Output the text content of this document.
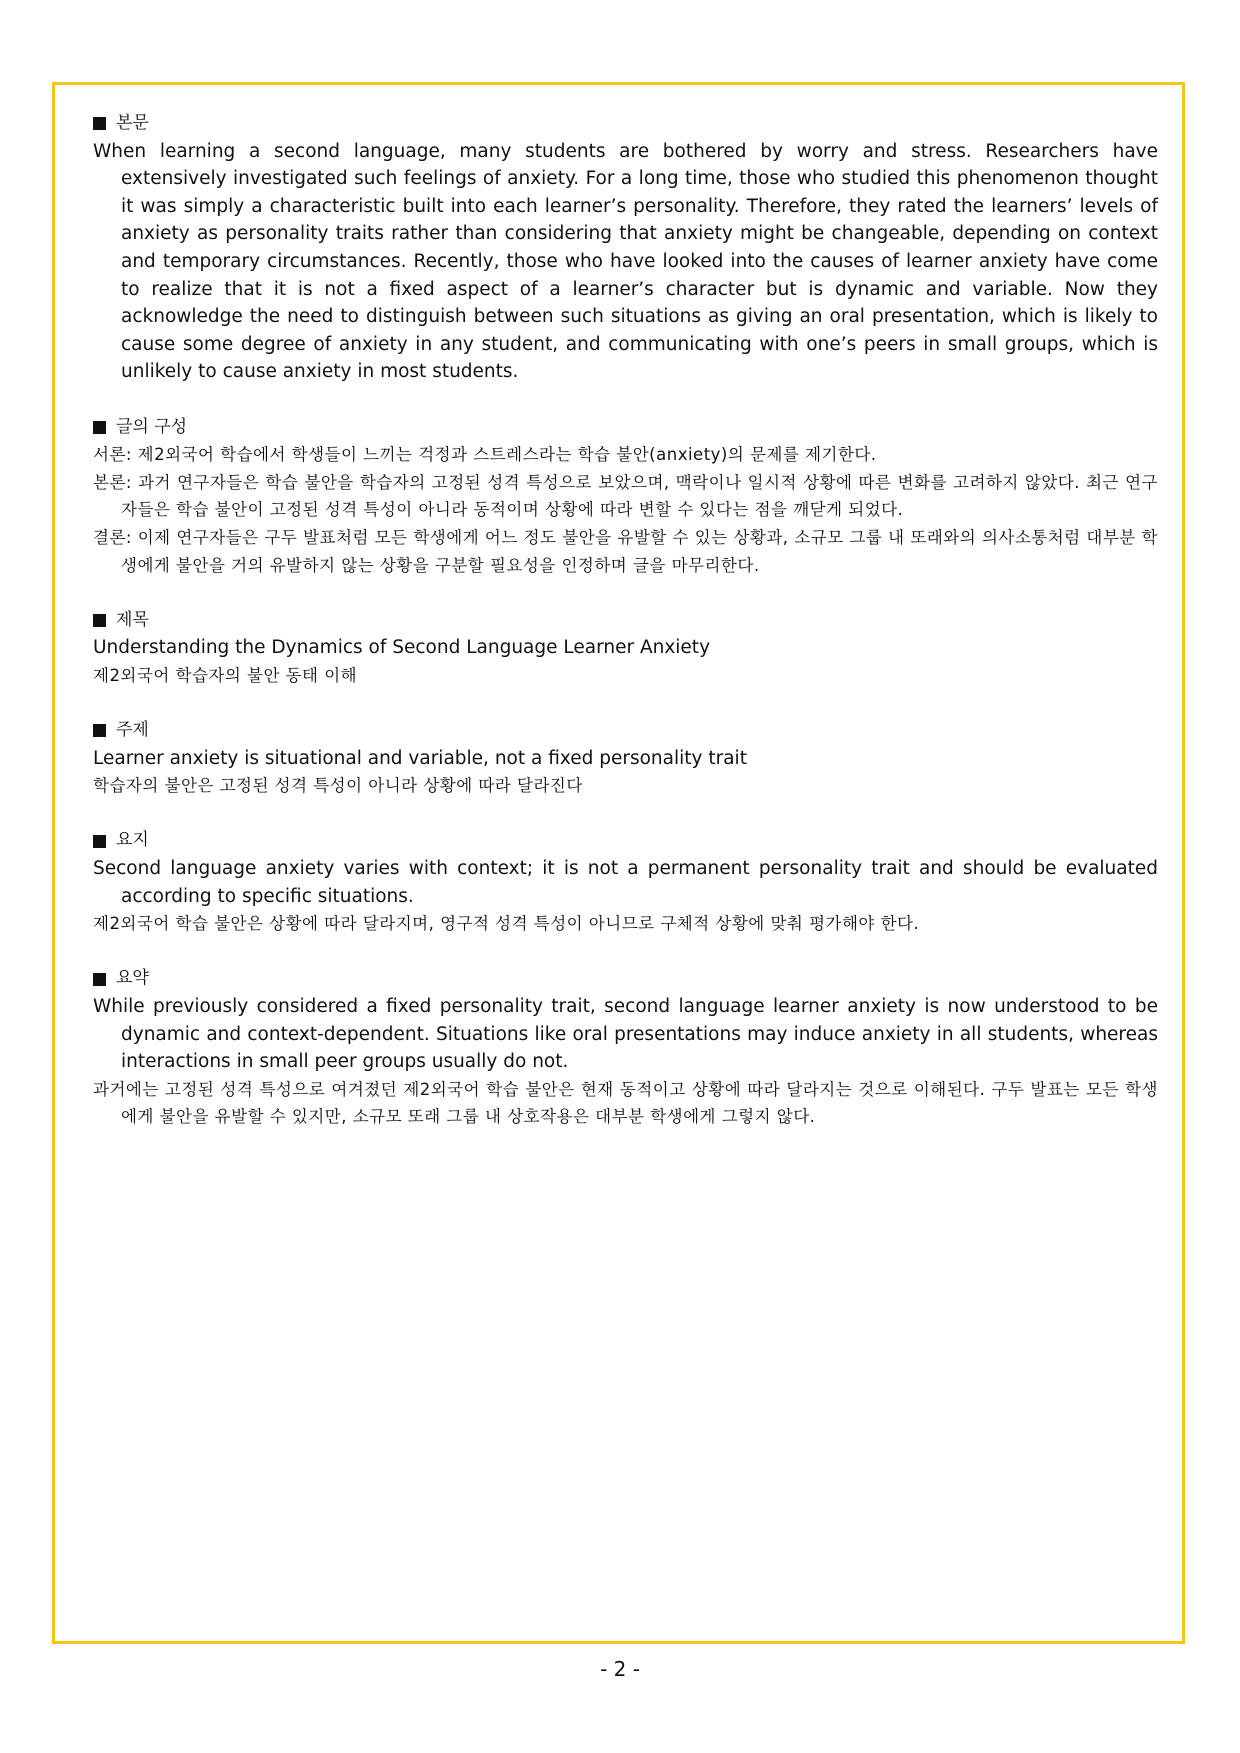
본문

When learning a second language, many students are bothered by worry and stress. Researchers have extensively investigated such feelings of anxiety. For a long time, those who studied this phenomenon thought it was simply a characteristic built into each learner’s personality. Therefore, they rated the learners’ levels of anxiety as personality traits rather than considering that anxiety might be changeable, depending on context and temporary circumstances. Recently, those who have looked into the causes of learner anxiety have come to realize that it is not a fixed aspect of a learner’s character but is dynamic and variable. Now they acknowledge the need to distinguish between such situations as giving an oral presentation, which is likely to cause some degree of anxiety in any student, and communicating with one’s peers in small groups, which is unlikely to cause anxiety in most students.

글의 구성

서론: 제2외국어 학습에서 학생들이 느끼는 걱정과 스트레스라는 학습 불안(anxiety)의 문제를 제기한다.

본론: 과거 연구자들은 학습 불안을 학습자의 고정된 성격 특성으로 보았으며, 맥락이나 일시적 상황에 따른 변화를 고려하지 않았다. 최근 연구자들은 학습 불안이 고정된 성격 특성이 아니라 동적이며 상황에 따라 변할 수 있다는 점을 깨닫게 되었다.

결론: 이제 연구자들은 구두 발표처럼 모든 학생에게 어느 정도 불안을 유발할 수 있는 상황과, 소규모 그룹 내 또래와의 의사소통처럼 대부분 학생에게 불안을 거의 유발하지 않는 상황을 구분할 필요성을 인정하며 글을 마무리한다.

제목

Understanding the Dynamics of Second Language Learner Anxiety

제2외국어 학습자의 불안 동태 이해

주제

Learner anxiety is situational and variable, not a fixed personality trait

학습자의 불안은 고정된 성격 특성이 아니라 상황에 따라 달라진다

요지

Second language anxiety varies with context; it is not a permanent personality trait and should be evaluated according to specific situations.

제2외국어 학습 불안은 상황에 따라 달라지며, 영구적 성격 특성이 아니므로 구체적 상황에 맞춰 평가해야 한다.

요약

While previously considered a fixed personality trait, second language learner anxiety is now understood to be dynamic and context-dependent. Situations like oral presentations may induce anxiety in all students, whereas interactions in small peer groups usually do not.

과거에는 고정된 성격 특성으로 여겨졌던 제2외국어 학습 불안은 현재 동적이고 상황에 따라 달라지는 것으로 이해된다. 구두 발표는 모든 학생에게 불안을 유발할 수 있지만, 소규모 또래 그룹 내 상호작용은 대부분 학생에게 그렇지 않다.

- 2 -
